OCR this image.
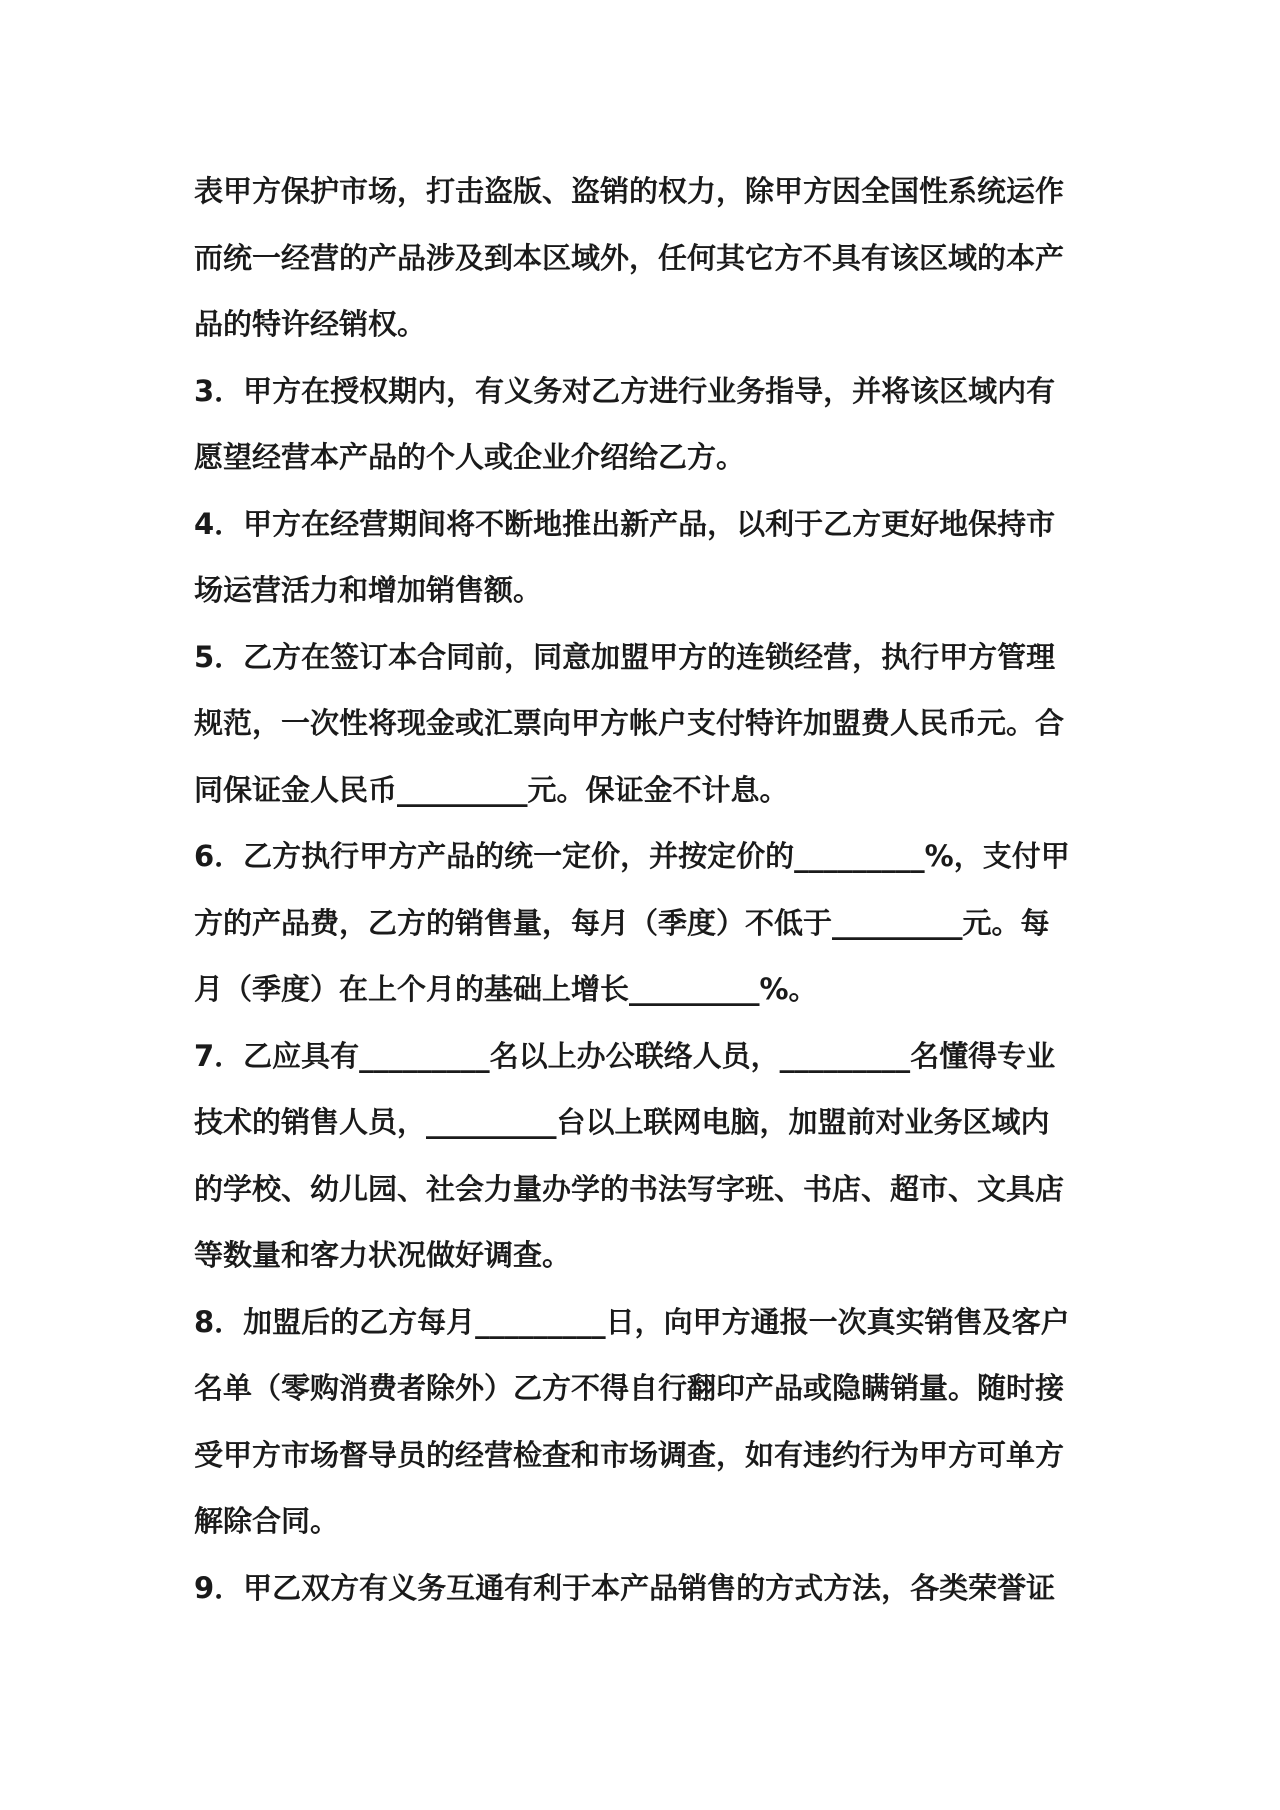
表甲方保护市场，打击盗版、盗销的权力，除甲方因全国性系统运作
而统一经营的产品涉及到本区域外，任何其它方不具有该区域的本产
品的特许经销权。
3．甲方在授权期内，有义务对乙方进行业务指导，并将该区域内有
愿望经营本产品的个人或企业介绍给乙方。
4．甲方在经营期间将不断地推出新产品，以利于乙方更好地保持市
场运营活力和增加销售额。
5．乙方在签订本合同前，同意加盟甲方的连锁经营，执行甲方管理
规范，一次性将现金或汇票向甲方帐户支付特许加盟费人民币元。合
同保证金人民币_________元。保证金不计息。
6．乙方执行甲方产品的统一定价，并按定价的_________%，支付甲
方的产品费，乙方的销售量，每月（季度）不低于_________元。每
月（季度）在上个月的基础上增长_________%。
7．乙应具有_________名以上办公联络人员，_________名懂得专业
技术的销售人员，_________台以上联网电脑，加盟前对业务区域内
的学校、幼儿园、社会力量办学的书法写字班、书店、超市、文具店
等数量和客力状况做好调查。
8．加盟后的乙方每月_________日，向甲方通报一次真实销售及客户
名单（零购消费者除外）乙方不得自行翻印产品或隐瞒销量。随时接
受甲方市场督导员的经营检查和市场调查，如有违约行为甲方可单方
解除合同。
9．甲乙双方有义务互通有利于本产品销售的方式方法，各类荣誉证
